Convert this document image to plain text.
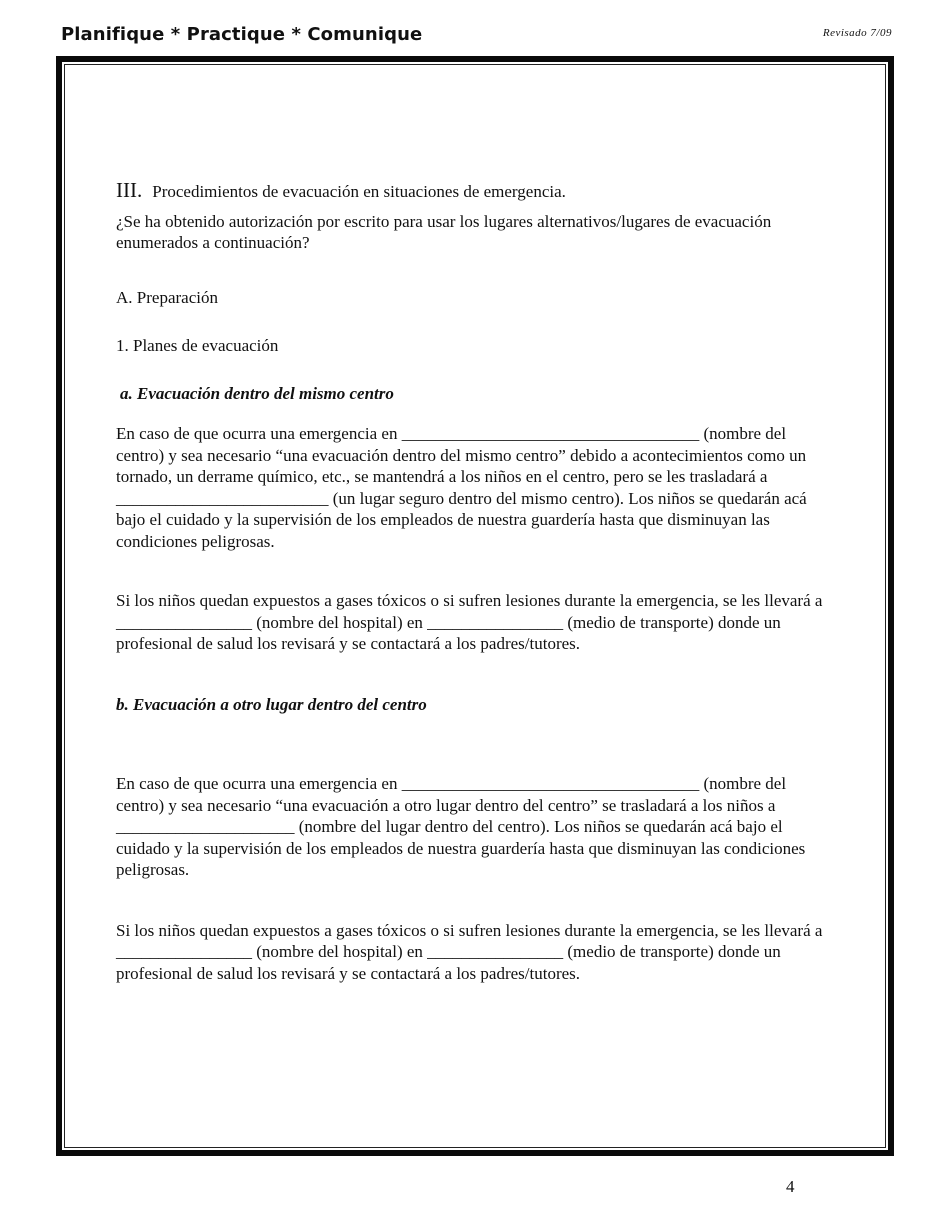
Planifique * Practique * Comunique	Revisado 7/09

III. Procedimientos de evacuación en situaciones de emergencia.

¿Se ha obtenido autorización por escrito para usar los lugares alternativos/lugares de evacuación enumerados a continuación?

A. Preparación

1. Planes de evacuación

a. Evacuación dentro del mismo centro

En caso de que ocurra una emergencia en ___________________________________ (nombre del centro) y sea necesario “una evacuación dentro del mismo centro” debido a acontecimientos como un tornado, un derrame químico, etc., se mantendrá a los niños en el centro, pero se les trasladará a _________________________ (un lugar seguro dentro del mismo centro). Los niños se quedarán acá bajo el cuidado y la supervisión de los empleados de nuestra guardería hasta que disminuyan las condiciones peligrosas.

Si los niños quedan expuestos a gases tóxicos o si sufren lesiones durante la emergencia, se les llevará a ________________ (nombre del hospital) en ________________ (medio de transporte) donde un profesional de salud los revisará y se contactará a los padres/tutores.

b. Evacuación a otro lugar dentro del centro

En caso de que ocurra una emergencia en ___________________________________ (nombre del centro) y sea necesario “una evacuación a otro lugar dentro del centro” se trasladará a los niños a _____________________ (nombre del lugar dentro del centro). Los niños se quedarán acá bajo el cuidado y la supervisión de los empleados de nuestra guardería hasta que disminuyan las condiciones peligrosas.

Si los niños quedan expuestos a gases tóxicos o si sufren lesiones durante la emergencia, se les llevará a ________________ (nombre del hospital) en ________________ (medio de transporte) donde un profesional de salud los revisará y se contactará a los padres/tutores.

4
